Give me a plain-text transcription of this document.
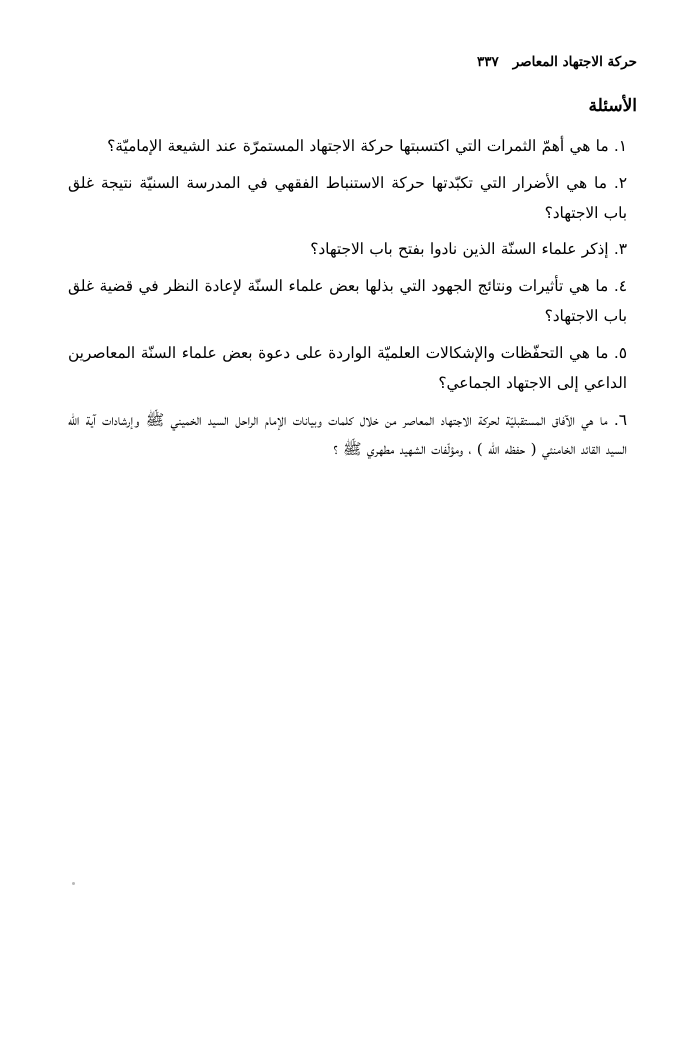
حركة الاجتهاد المعاصر
٣٣٧
الأسئلة
١. ما هي أهمّ الثمرات التي اكتسبتها حركة الاجتهاد المستمرّة عند الشيعة الإماميّة؟
٢. ما هي الأضرار التي تكبّدتها حركة الاستنباط الفقهي في المدرسة السنيّة نتيجة غلق باب الاجتهاد؟
٣. إذكر علماء السنّة الذين نادوا بفتح باب الاجتهاد؟
٤. ما هي تأثيرات ونتائج الجهود التي بذلها بعض علماء السنّة لإعادة النظر في قضية غلق باب الاجتهاد؟
٥. ما هي التحفّظات والإشكالات العلميّة الواردة على دعوة بعض علماء السنّة المعاصرين الداعي إلى الاجتهاد الجماعي؟
٦. ما هي الآفاق المستقبليّة لحركة الاجتهاد المعاصر من خلال كلمات وبيانات الإمام الراحل السيد الخميني ﷺ وإرشادات آية الله السيد القائد الخامنئي ( حفظه الله ) ، ومؤلّفات الشهيد مطهري ﷺ ؟
